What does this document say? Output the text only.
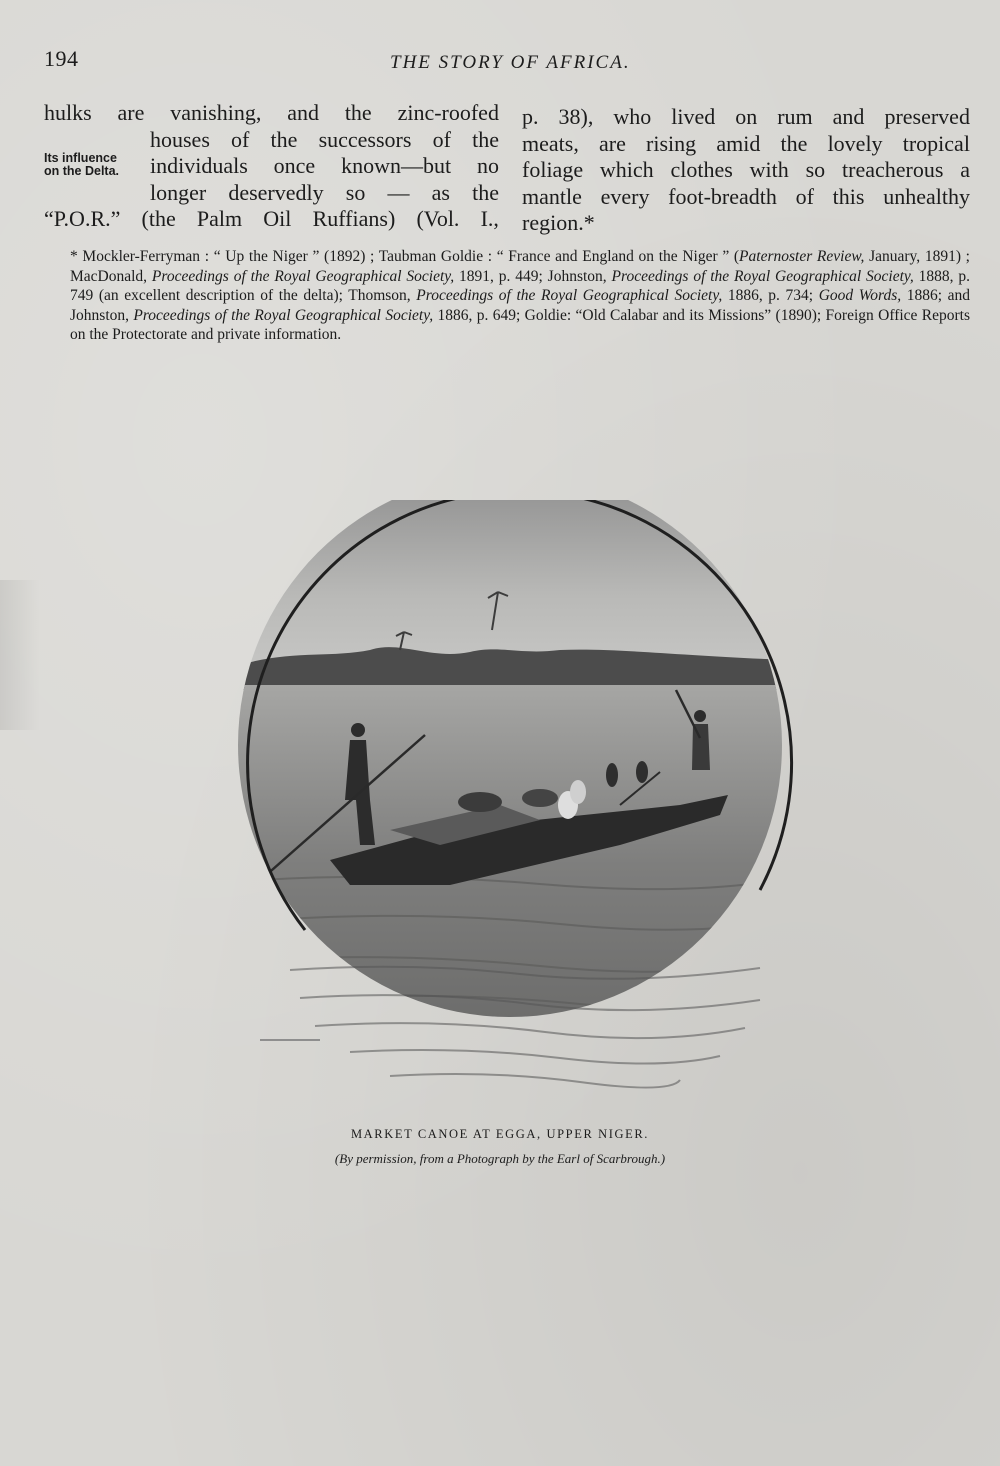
194	THE STORY OF AFRICA.
hulks are vanishing, and the zinc-roofed
houses of the successors of the
individuals once known—but no
longer deservedly so — as the
“P.O.R.” (the Palm Oil Ruffians) (Vol. I.,
Its influence
on the Delta.
p. 38), who lived on rum and preserved
meats, are rising amid the lovely tropical
foliage which clothes with so treacherous a
mantle every foot-breadth of this unhealthy
region.*
* Mockler-Ferryman : “ Up the Niger ” (1892) ; Taubman Goldie : “ France and England on the Niger ” (Paternoster Review, January, 1891) ; MacDonald, Proceedings of the Royal Geographical Society, 1891, p. 449; Johnston, Proceedings of the Royal Geographical Society, 1888, p. 749 (an excellent description of the delta); Thomson, Proceedings of the Royal Geographical Society, 1886, p. 734; Good Words, 1886; and Johnston, Proceedings of the Royal Geographical Society, 1886, p. 649; Goldie: “Old Calabar and its Missions” (1890); Foreign Office Reports on the Protectorate and private information.
MARKET CANOE AT EGGA, UPPER NIGER.
(By permission, from a Photograph by the Earl of Scarbrough.)
